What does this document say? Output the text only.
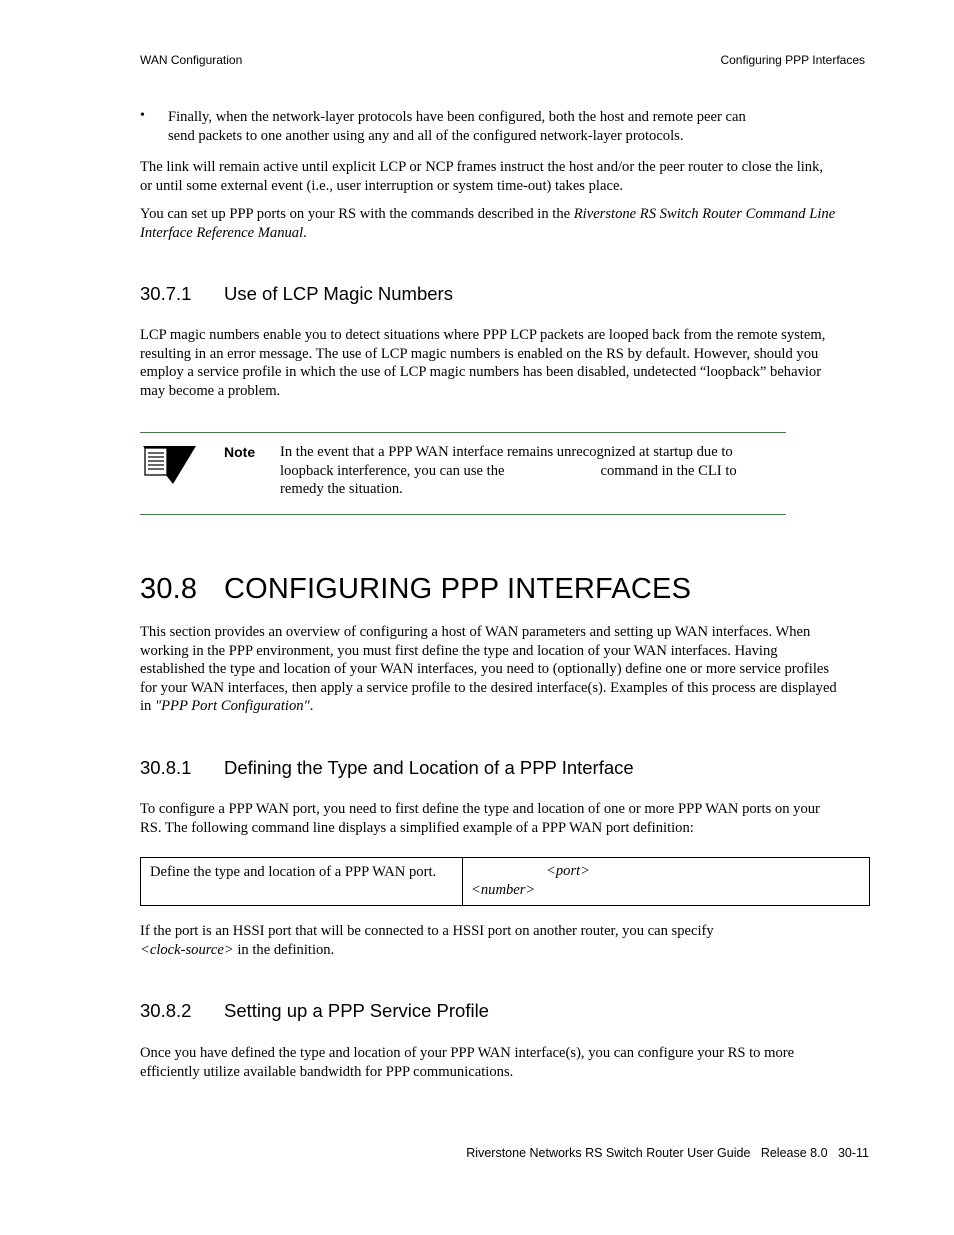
WAN Configuration	Configuring PPP Interfaces
• Finally, when the network-layer protocols have been configured, both the host and remote peer can
send packets to one another using any and all of the configured network-layer protocols.
The link will remain active until explicit LCP or NCP frames instruct the host and/or the peer router to close the link,
or until some external event (i.e., user interruption or system time-out) takes place.
You can set up PPP ports on your RS with the commands described in the Riverstone RS Switch Router Command Line
Interface Reference Manual.
30.7.1 Use of LCP Magic Numbers
LCP magic numbers enable you to detect situations where PPP LCP packets are looped back from the remote system,
resulting in an error message. The use of LCP magic numbers is enabled on the RS by default. However, should you
employ a service profile in which the use of LCP magic numbers has been disabled, undetected “loopback” behavior
may become a problem.
Note In the event that a PPP WAN interface remains unrecognized at startup due to
loopback interference, you can use the	command in the CLI to
remedy the situation.
30.8 CONFIGURING PPP INTERFACES
This section provides an overview of configuring a host of WAN parameters and setting up WAN interfaces. When
working in the PPP environment, you must first define the type and location of your WAN interfaces. Having
established the type and location of your WAN interfaces, you need to (optionally) define one or more service profiles
for your WAN interfaces, then apply a service profile to the desired interface(s). Examples of this process are displayed
in "PPP Port Configuration".
30.8.1 Defining the Type and Location of a PPP Interface
To configure a PPP WAN port, you need to first define the type and location of one or more PPP WAN ports on your
RS. The following command line displays a simplified example of a PPP WAN port definition:
Define the type and location of a PPP WAN port.	<port>
<number>
If the port is an HSSI port that will be connected to a HSSI port on another router, you can specify
<clock-source> in the definition.
30.8.2 Setting up a PPP Service Profile
Once you have defined the type and location of your PPP WAN interface(s), you can configure your RS to more
efficiently utilize available bandwidth for PPP communications.
Riverstone Networks RS Switch Router User Guide   Release 8.0   30-11
